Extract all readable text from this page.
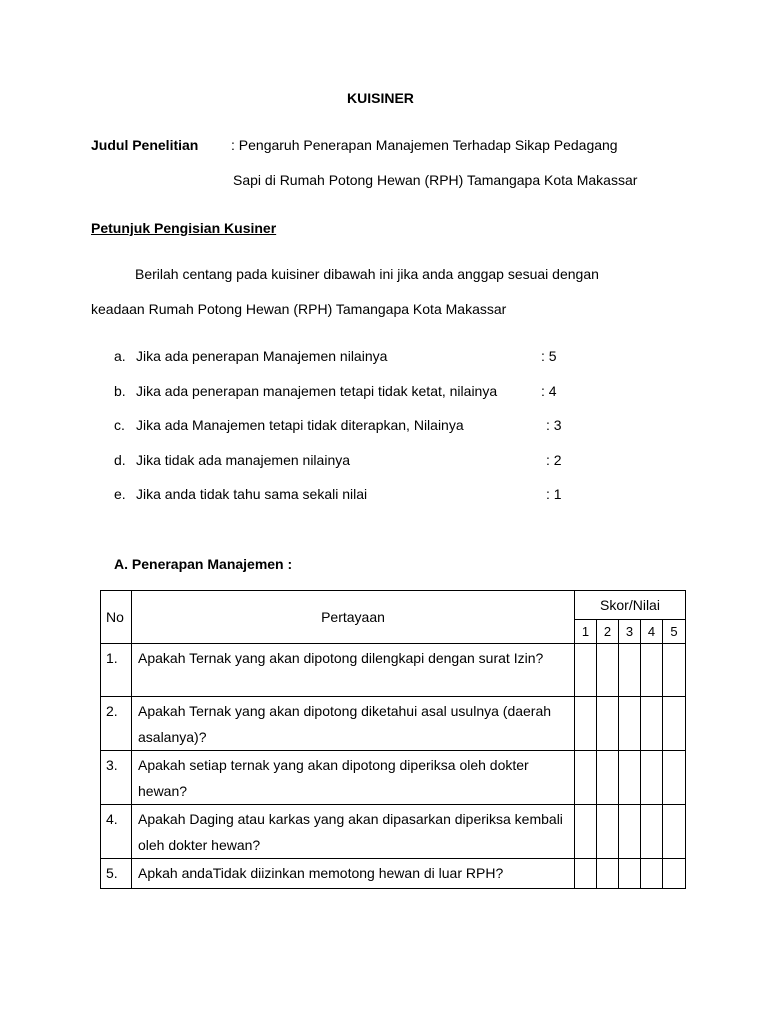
KUISINER
Judul Penelitian : Pengaruh Penerapan Manajemen Terhadap Sikap Pedagang
Sapi di Rumah Potong Hewan (RPH) Tamangapa Kota Makassar
Petunjuk Pengisian Kusiner
Berilah centang pada kuisiner dibawah ini jika anda anggap sesuai dengan
keadaan Rumah Potong Hewan (RPH) Tamangapa Kota Makassar
a. Jika ada penerapan Manajemen nilainya	: 5
b. Jika ada penerapan manajemen tetapi tidak ketat, nilainya	: 4
c. Jika ada Manajemen tetapi tidak diterapkan, Nilainya	: 3
d. Jika tidak ada manajemen nilainya	: 2
e. Jika anda tidak tahu sama sekali nilai	: 1
A. Penerapan Manajemen :
No	Pertayaan	Skor/Nilai				
		1	2	3	4	5

1.	Apakah Ternak yang akan dipotong dilengkapi dengan surat Izin?					

2.	Apakah Ternak yang akan dipotong diketahui asal usulnya (daerah asalanya)?					

3.	Apakah setiap ternak yang akan dipotong diperiksa oleh dokter hewan?					

4.	Apakah Daging atau karkas yang akan dipasarkan diperiksa kembali oleh dokter hewan?					

5.	Apkah andaTidak diizinkan memotong hewan di luar RPH?					
